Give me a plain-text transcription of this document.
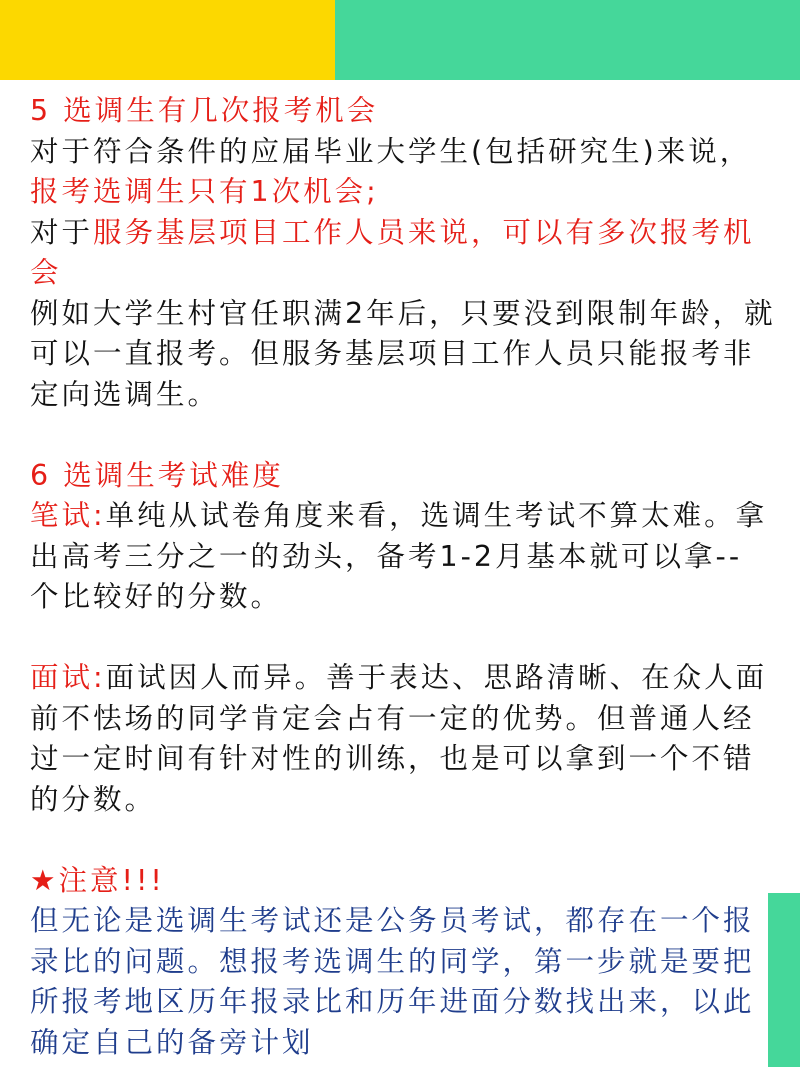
5 选调生有几次报考机会
对于符合条件的应届毕业大学生(包括研究生)来说，
报考选调生只有1次机会;
对于服务基层项目工作人员来说，可以有多次报考机
会
例如大学生村官任职满2年后，只要没到限制年龄，就
可以一直报考。但服务基层项目工作人员只能报考非
定向选调生。
6 选调生考试难度
笔试:单纯从试卷角度来看，选调生考试不算太难。拿
出高考三分之一的劲头，备考1-2月基本就可以拿--
个比较好的分数。
面试:面试因人而异。善于表达、思路清晰、在众人面
前不怯场的同学肯定会占有一定的优势。但普通人经
过一定时间有针对性的训练，也是可以拿到一个不错
的分数。
★注意!!!
但无论是选调生考试还是公务员考试，都存在一个报
录比的问题。想报考选调生的同学，第一步就是要把
所报考地区历年报录比和历年进面分数找出来，以此
确定自己的备旁计划
